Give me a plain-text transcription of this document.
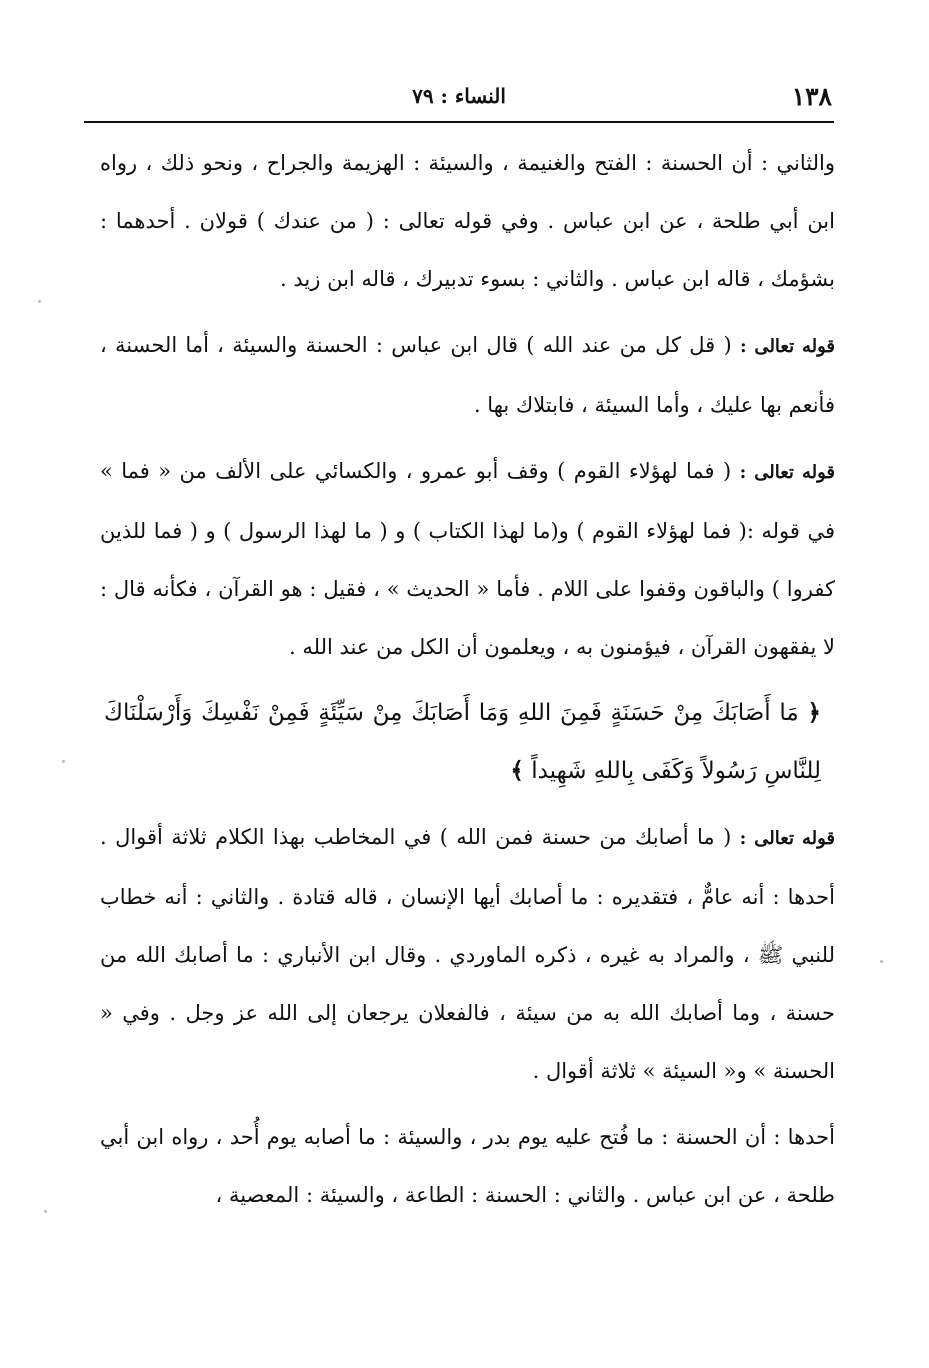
١٣٨
النساء : ٧٩

والثاني : أن الحسنة : الفتح والغنيمة ، والسيئة : الهزيمة والجراح ، ونحو ذلك ، رواه ابن أبي طلحة ، عن ابن عباس . وفي قوله تعالى : ( من عندك ) قولان . أحدهما : بشؤمك ، قاله ابن عباس . والثاني : بسوء تدبيرك ، قاله ابن زيد .

قوله تعالى : ( قل كل من عند الله ) قال ابن عباس : الحسنة والسيئة ، أما الحسنة ، فأنعم بها عليك ، وأما السيئة ، فابتلاك بها .

قوله تعالى : ( فما لهؤلاء القوم ) وقف أبو عمرو ، والكسائي على الألف من « فما » في قوله :( فما لهؤلاء القوم ) و(ما لهذا الكتاب ) و ( ما لهذا الرسول ) و ( فما للذين كفروا ) والباقون وقفوا على اللام . فأما « الحديث » ، فقيل : هو القرآن ، فكأنه قال : لا يفقهون القرآن ، فيؤمنون به ، ويعلمون أن الكل من عند الله .

﴿ مَا أَصَابَكَ مِنْ حَسَنَةٍ فَمِنَ اللهِ وَمَا أَصَابَكَ مِنْ سَيِّئَةٍ فَمِنْ نَفْسِكَ وَأَرْسَلْنَاكَ لِلنَّاسِ رَسُولاً وَكَفَى بِاللهِ شَهِيداً ﴾

قوله تعالى : ( ما أصابك من حسنة فمن الله ) في المخاطب بهذا الكلام ثلاثة أقوال . أحدها : أنه عامٌّ ، فتقديره : ما أصابك أيها الإنسان ، قاله قتادة . والثاني : أنه خطاب للنبي ﷺ ، والمراد به غيره ، ذكره الماوردي . وقال ابن الأنباري : ما أصابك الله من حسنة ، وما أصابك الله به من سيئة ، فالفعلان يرجعان إلى الله عز وجل . وفي « الحسنة » و« السيئة » ثلاثة أقوال .

أحدها : أن الحسنة : ما فُتح عليه يوم بدر ، والسيئة : ما أصابه يوم أُحد ، رواه ابن أبي طلحة ، عن ابن عباس . والثاني : الحسنة : الطاعة ، والسيئة : المعصية ،
